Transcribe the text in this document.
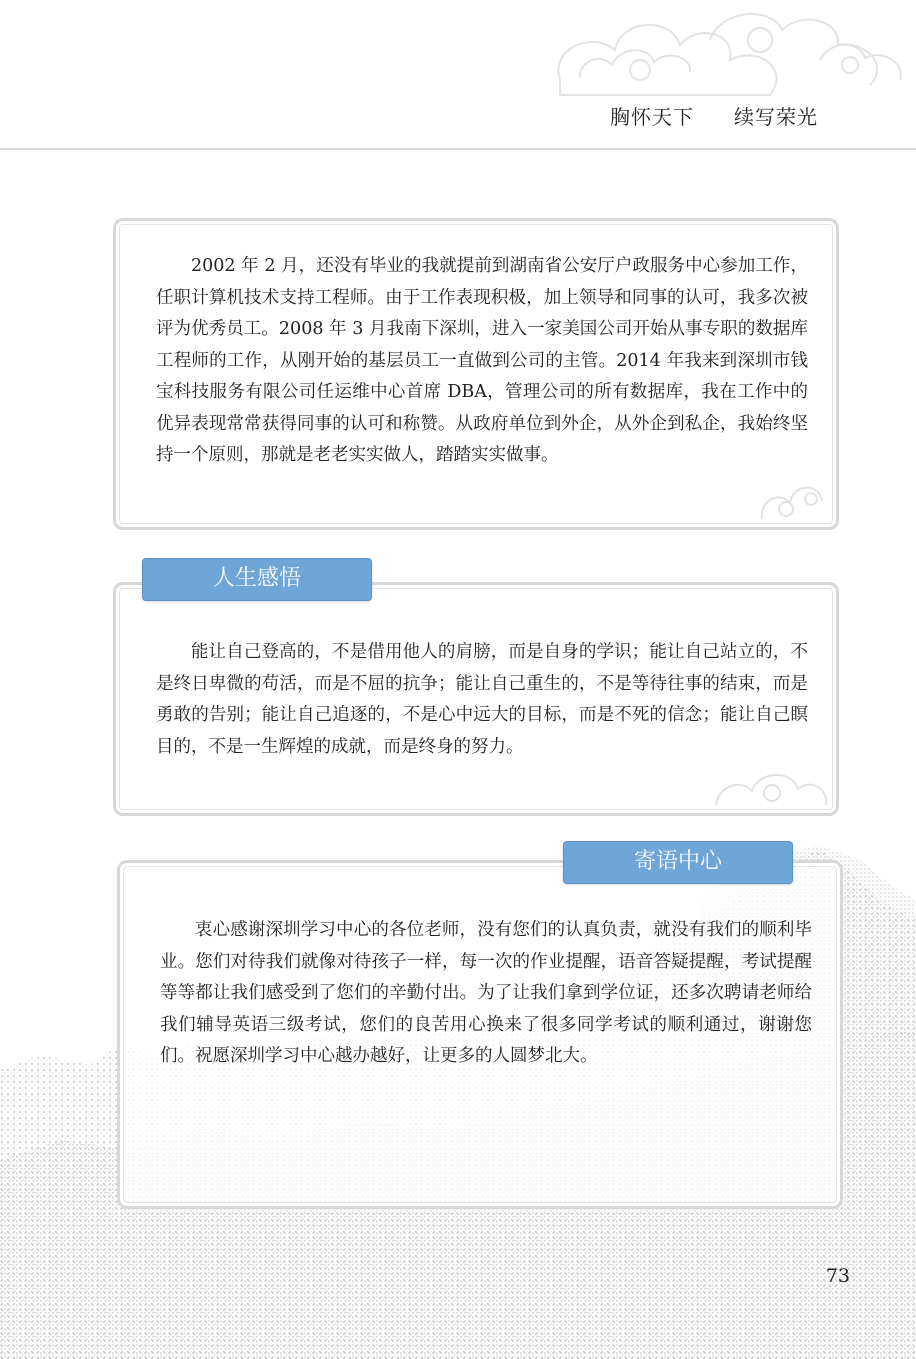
胸怀天下 续写荣光

2002 年 2 月，还没有毕业的我就提前到湖南省公安厅户政服务中心参加工作，任职计算机技术支持工程师。由于工作表现积极，加上领导和同事的认可，我多次被评为优秀员工。2008 年 3 月我南下深圳，进入一家美国公司开始从事专职的数据库工程师的工作，从刚开始的基层员工一直做到公司的主管。2014 年我来到深圳市钱宝科技服务有限公司任运维中心首席 DBA，管理公司的所有数据库，我在工作中的优异表现常常获得同事的认可和称赞。从政府单位到外企，从外企到私企，我始终坚持一个原则，那就是老老实实做人，踏踏实实做事。

能让自己登高的，不是借用他人的肩膀，而是自身的学识；能让自己站立的，不是终日卑微的苟活，而是不屈的抗争；能让自己重生的，不是等待往事的结束，而是勇敢的告别；能让自己追逐的，不是心中远大的目标，而是不死的信念；能让自己瞑目的，不是一生辉煌的成就，而是终身的努力。

人生感悟

衷心感谢深圳学习中心的各位老师，没有您们的认真负责，就没有我们的顺利毕业。您们对待我们就像对待孩子一样，每一次的作业提醒，语音答疑提醒，考试提醒等等都让我们感受到了您们的辛勤付出。为了让我们拿到学位证，还多次聘请老师给我们辅导英语三级考试，您们的良苦用心换来了很多同学考试的顺利通过，谢谢您们。祝愿深圳学习中心越办越好，让更多的人圆梦北大。

寄语中心
73
